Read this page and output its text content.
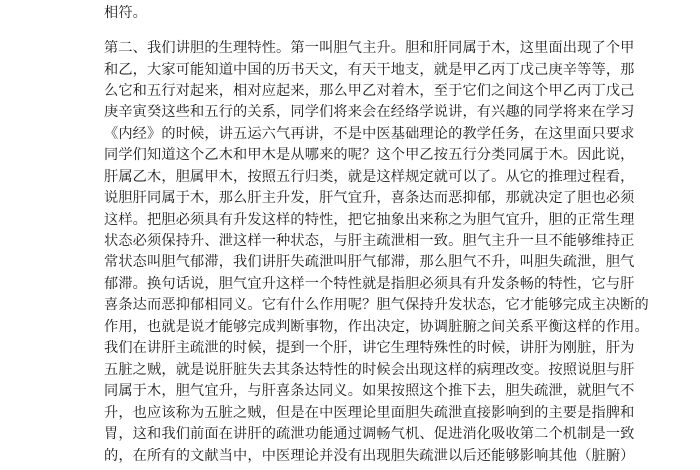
相符。
第二、我们讲胆的生理特性。第一叫胆气主升。胆和肝同属于木，这里面出现了个甲
和乙，大家可能知道中国的历书天文，有天干地支，就是甲乙丙丁戊己庚辛等等，那
么它和五行对起来，相对应起来，那么甲乙对着木，至于它们之间这个甲乙丙丁戊己
庚辛寅癸这些和五行的关系，同学们将来会在经络学说讲，有兴趣的同学将来在学习
《内经》的时候，讲五运六气再讲，不是中医基础理论的教学任务，在这里面只要求
同学们知道这个乙木和甲木是从哪来的呢？这个甲乙按五行分类同属于木。因此说，
肝属乙木，胆属甲木，按照五行归类，就是这样规定就可以了。从它的推理过程看，
说胆肝同属于木，那么肝主升发，肝气宜升，喜条达而恶抑郁，那就决定了胆也必须
这样。把胆必须具有升发这样的特性，把它抽象出来称之为胆气宜升，胆的正常生理
状态必须保持升、泄这样一种状态，与肝主疏泄相一致。胆气主升一旦不能够维持正
常状态叫胆气郁滞，我们讲肝失疏泄叫肝气郁滞，那么胆气不升，叫胆失疏泄，胆气
郁滞。换句话说，胆气宜升这样一个特性就是指胆必须具有升发条畅的特性，它与肝
喜条达而恶抑郁相同义。它有什么作用呢？胆气保持升发状态，它才能够完成主决断的
作用，也就是说才能够完成判断事物，作出决定，协调脏腑之间关系平衡这样的作用。
我们在讲肝主疏泄的时候，提到一个肝，讲它生理特殊性的时候，讲肝为刚脏，肝为
五脏之贼，就是说肝脏失去其条达特性的时候会出现这样的病理改变。按照说胆与肝
同属于木，胆气宜升，与肝喜条达同义。如果按照这个推下去，胆失疏泄，就胆气不
升，也应该称为五脏之贼，但是在中医理论里面胆失疏泄直接影响到的主要是指脾和
胃，这和我们前面在讲肝的疏泄功能通过调畅气机、促进消化吸收第二个机制是一致
的，在所有的文献当中，中医理论并没有出现胆失疏泄以后还能够影响其他（脏腑）
